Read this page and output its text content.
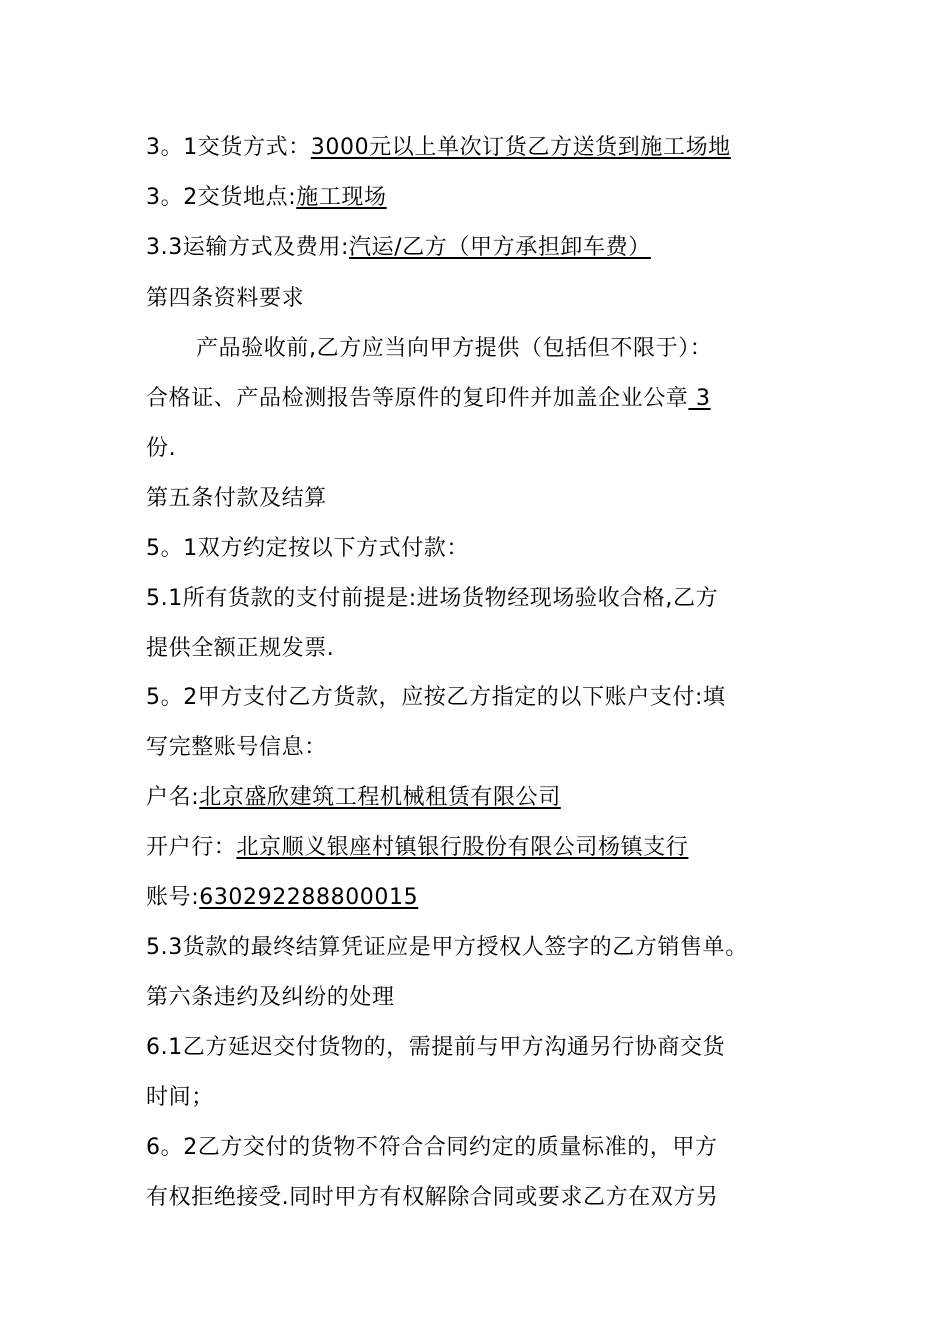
3。1交货方式：3000元以上单次订货乙方送货到施工场地
3。2交货地点:施工现场
3.3运输方式及费用:汽运/乙方（甲方承担卸车费）
第四条资料要求
产品验收前,乙方应当向甲方提供（包括但不限于）：
合格证、产品检测报告等原件的复印件并加盖企业公章 3
份.
第五条付款及结算
5。1双方约定按以下方式付款：
5.1所有货款的支付前提是:进场货物经现场验收合格,乙方
提供全额正规发票.
5。2甲方支付乙方货款，应按乙方指定的以下账户支付:填
写完整账号信息：
户名:北京盛欣建筑工程机械租赁有限公司
开户行：北京顺义银座村镇银行股份有限公司杨镇支行
账号:630292288800015
5.3货款的最终结算凭证应是甲方授权人签字的乙方销售单。
第六条违约及纠纷的处理
6.1乙方延迟交付货物的，需提前与甲方沟通另行协商交货
时间；
6。2乙方交付的货物不符合合同约定的质量标准的，甲方
有权拒绝接受.同时甲方有权解除合同或要求乙方在双方另
